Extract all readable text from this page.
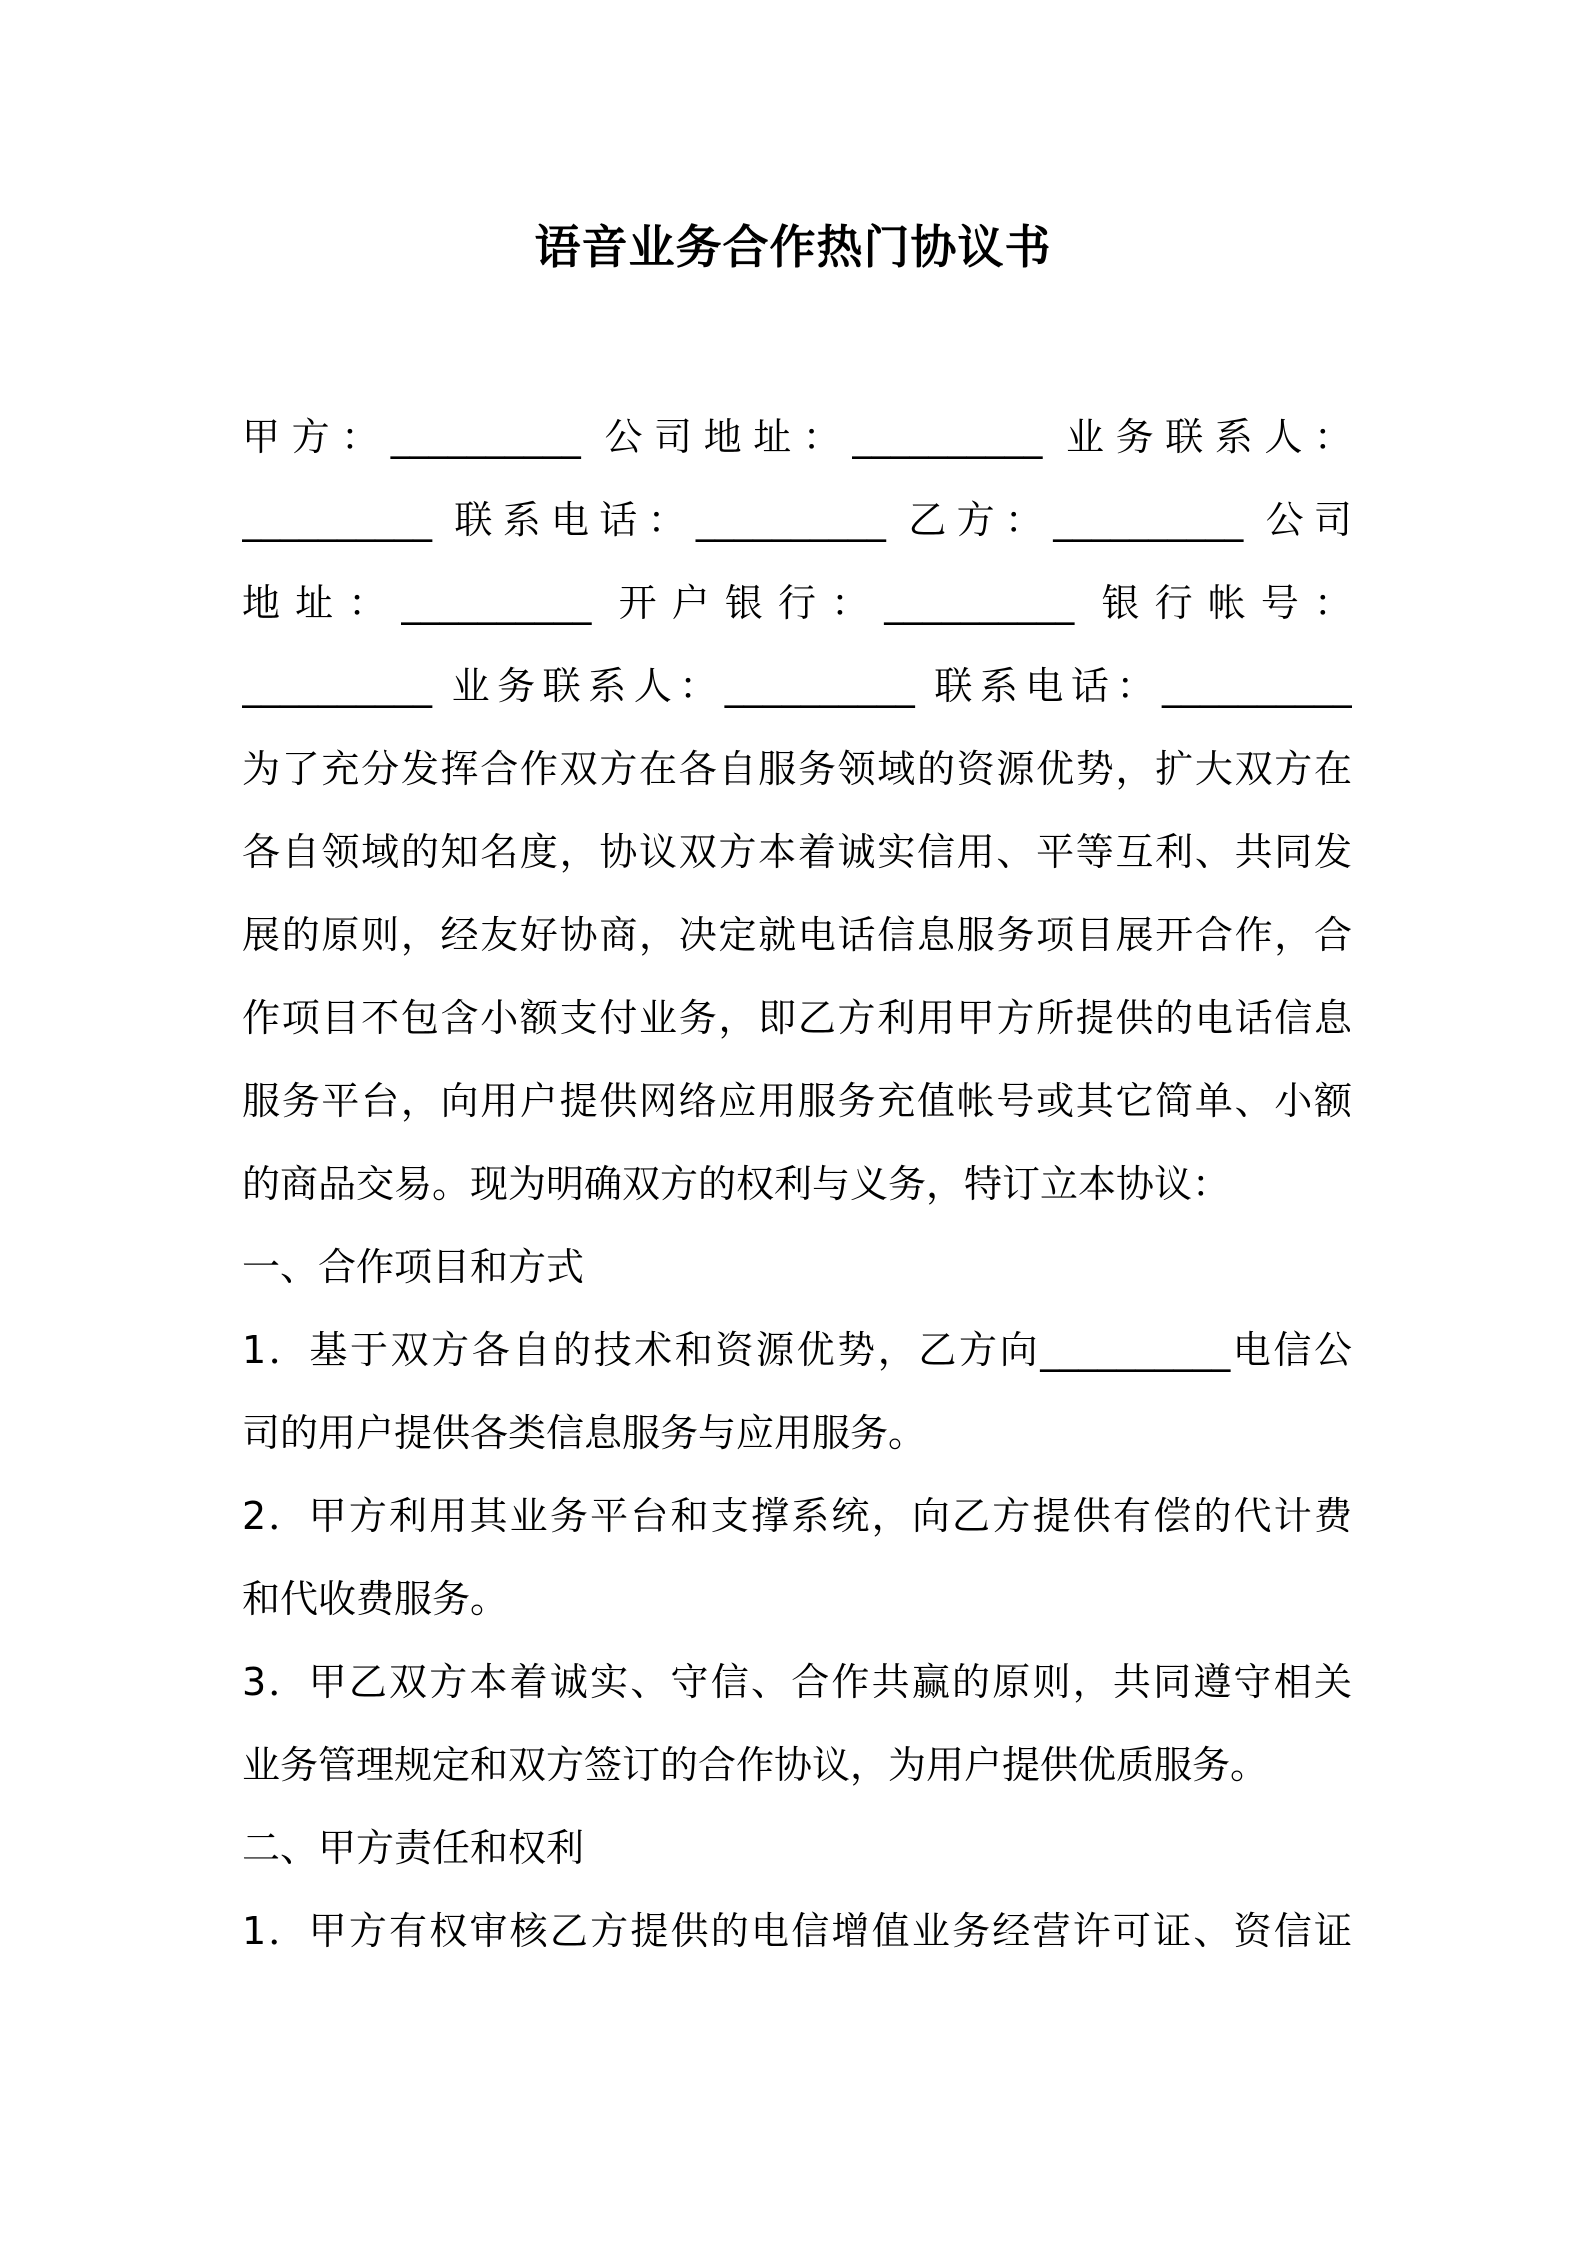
语音业务合作热门协议书
甲方：__________ 公司地址：__________ 业务联系人：
__________ 联系电话：__________ 乙方：__________ 公司
地址：__________ 开户银行：__________ 银行帐号：
__________ 业务联系人：__________ 联系电话：__________
为了充分发挥合作双方在各自服务领域的资源优势，扩大双方在
各自领域的知名度，协议双方本着诚实信用、平等互利、共同发
展的原则，经友好协商，决定就电话信息服务项目展开合作，合
作项目不包含小额支付业务，即乙方利用甲方所提供的电话信息
服务平台，向用户提供网络应用服务充值帐号或其它简单、小额
的商品交易。现为明确双方的权利与义务，特订立本协议：
一、合作项目和方式
1．基于双方各自的技术和资源优势，乙方向__________电信公
司的用户提供各类信息服务与应用服务。
2．甲方利用其业务平台和支撑系统，向乙方提供有偿的代计费
和代收费服务。
3．甲乙双方本着诚实、守信、合作共赢的原则，共同遵守相关
业务管理规定和双方签订的合作协议，为用户提供优质服务。
二、甲方责任和权利
1．甲方有权审核乙方提供的电信增值业务经营许可证、资信证
